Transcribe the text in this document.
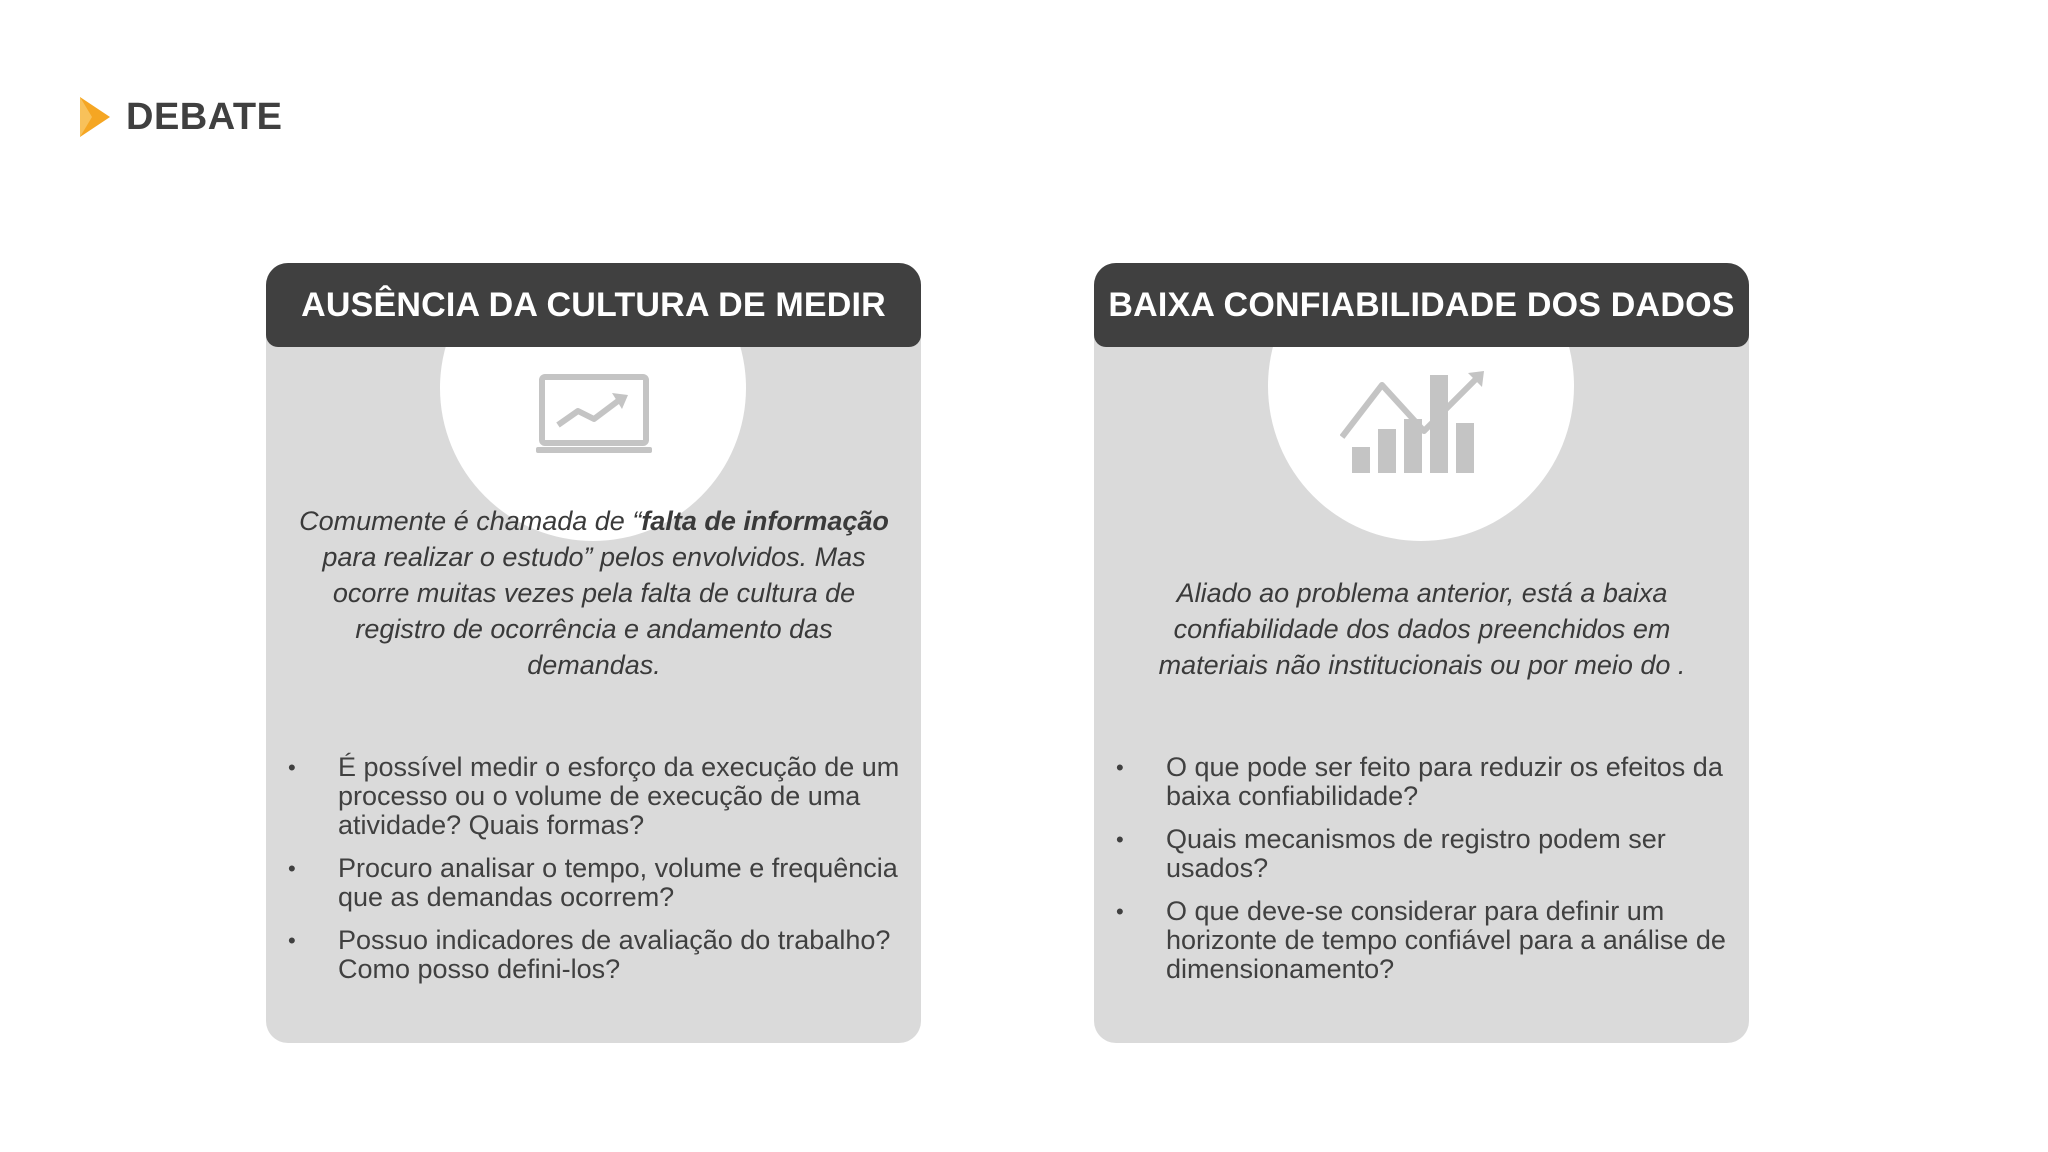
DEBATE
AUSÊNCIA DA CULTURA DE MEDIR
Comumente é chamada de “falta de informação para realizar o estudo” pelos envolvidos. Mas ocorre muitas vezes pela falta de cultura de registro de ocorrência e andamento das demandas.
• É possível medir o esforço da execução de um processo ou o volume de execução de uma atividade? Quais formas?
• Procuro analisar o tempo, volume e frequência que as demandas ocorrem?
• Possuo indicadores de avaliação do trabalho? Como posso defini-los?
BAIXA CONFIABILIDADE DOS DADOS
Aliado ao problema anterior, está a baixa confiabilidade dos dados preenchidos em materiais não institucionais ou por meio do .
• O que pode ser feito para reduzir os efeitos da baixa confiabilidade?
• Quais mecanismos de registro podem ser usados?
• O que deve-se considerar para definir um horizonte de tempo confiável para a análise de dimensionamento?
